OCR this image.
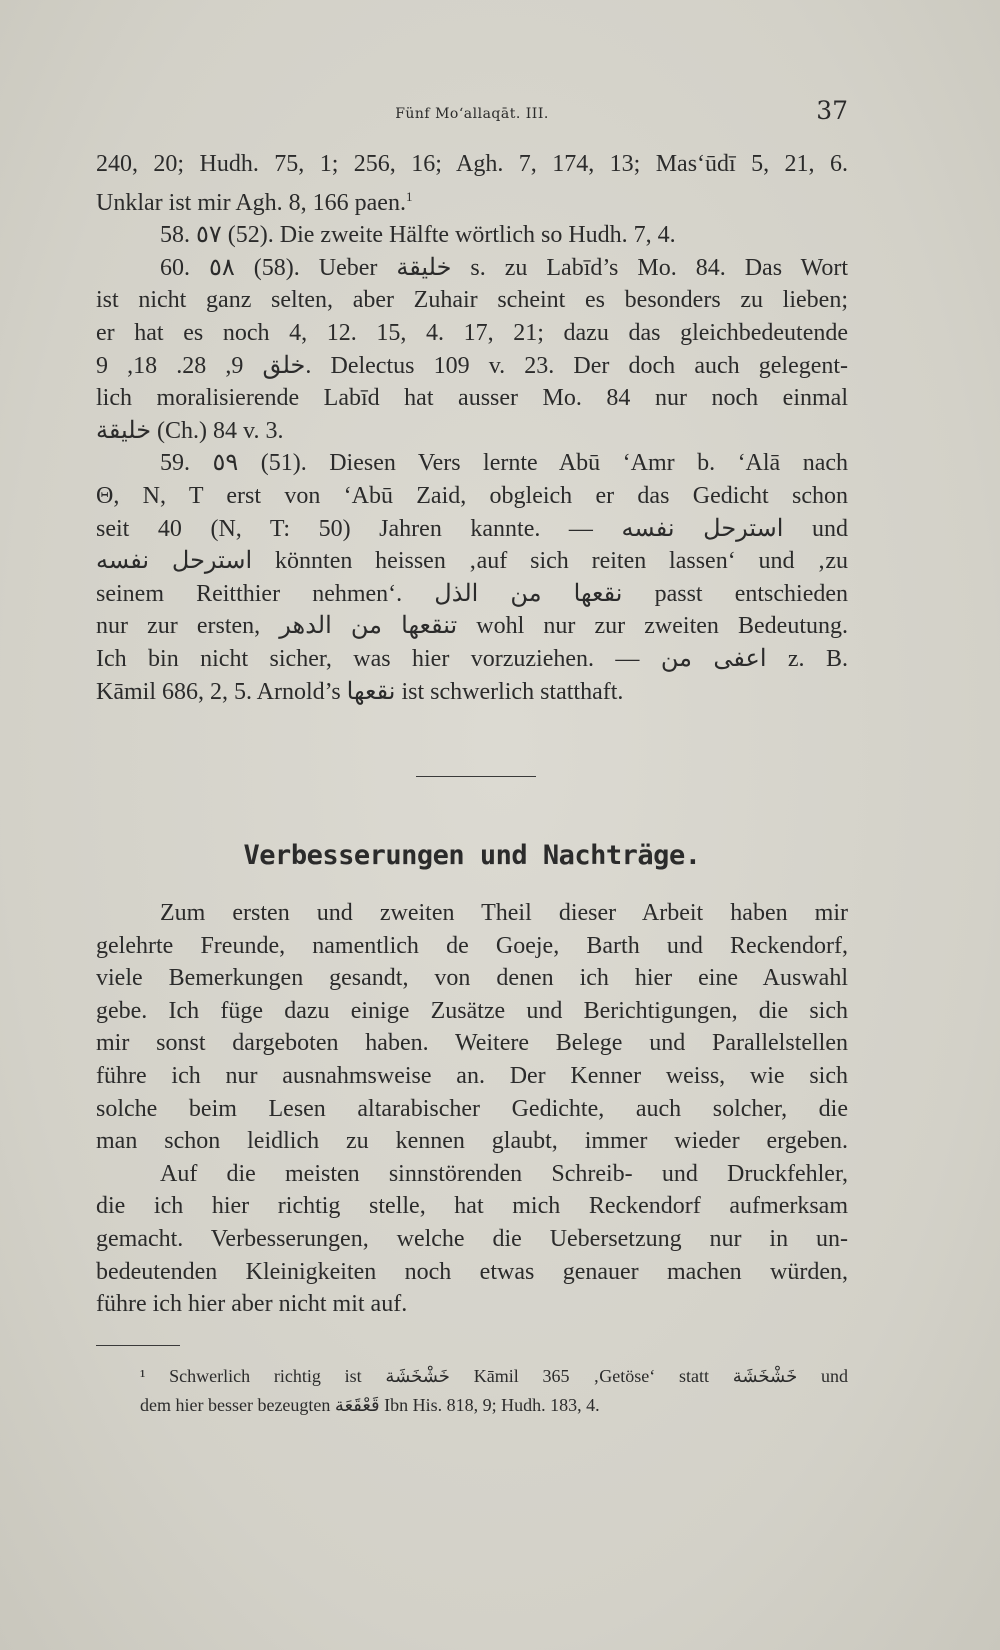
Fünf Mo‘allaqāt. III.	37
240, 20; Hudh. 75, 1; 256, 16; Agh. 7, 174, 13; Mas‘ūdī 5, 21, 6.
Unklar ist mir Agh. 8, 166 paen.$^1$
58. ٥٧ (52). Die zweite Hälfte wörtlich so Hudh. 7, 4.
60. ٥٨ (58). Ueber خليقة s. zu Labīd’s Mo. 84. Das Wort
ist nicht ganz selten, aber Zuhair scheint es besonders zu lieben;
er hat es noch 4, 12. 15, 4. 17, 21; dazu das gleichbedeutende
خلق 9, 28. 18, 9. Delectus 109 v. 23. Der doch auch gelegent-
lich moralisierende Labīd hat ausser Mo. 84 nur noch einmal
خليقة (Ch.) 84 v. 3.
59. ٥٩ (51). Diesen Vers lernte Abū ‘Amr b. ‘Alā nach
Θ, N, T erst von ‘Abū Zaid, obgleich er das Gedicht schon
seit 40 (N, T: 50) Jahren kannte. — استرحل نفسه und
استرحل نفسه könnten heissen ‚auf sich reiten lassen‘ und ‚zu
seinem Reitthier nehmen‘. نقعها من الذل passt entschieden
nur zur ersten, تنقعها من الدهر wohl nur zur zweiten Bedeutung.
Ich bin nicht sicher, was hier vorzuziehen. — اعفى من z. B.
Kāmil 686, 2, 5. Arnold’s نقعها ist schwerlich statthaft.
Verbesserungen und Nachträge.
Zum ersten und zweiten Theil dieser Arbeit haben mir
gelehrte Freunde, namentlich de Goeje, Barth und Reckendorf,
viele Bemerkungen gesandt, von denen ich hier eine Auswahl
gebe. Ich füge dazu einige Zusätze und Berichtigungen, die sich
mir sonst dargeboten haben. Weitere Belege und Parallelstellen
führe ich nur ausnahmsweise an. Der Kenner weiss, wie sich
solche beim Lesen altarabischer Gedichte, auch solcher, die
man schon leidlich zu kennen glaubt, immer wieder ergeben.
Auf die meisten sinnstörenden Schreib- und Druckfehler,
die ich hier richtig stelle, hat mich Reckendorf aufmerksam
gemacht. Verbesserungen, welche die Uebersetzung nur in un-
bedeutenden Kleinigkeiten noch etwas genauer machen würden,
führe ich hier aber nicht mit auf.
¹ Schwerlich richtig ist خَشْخَشَة Kāmil 365 ‚Getöse‘ statt خَشْخَشَة und
dem hier besser bezeugten قَعْقَعَة Ibn His. 818, 9; Hudh. 183, 4.
